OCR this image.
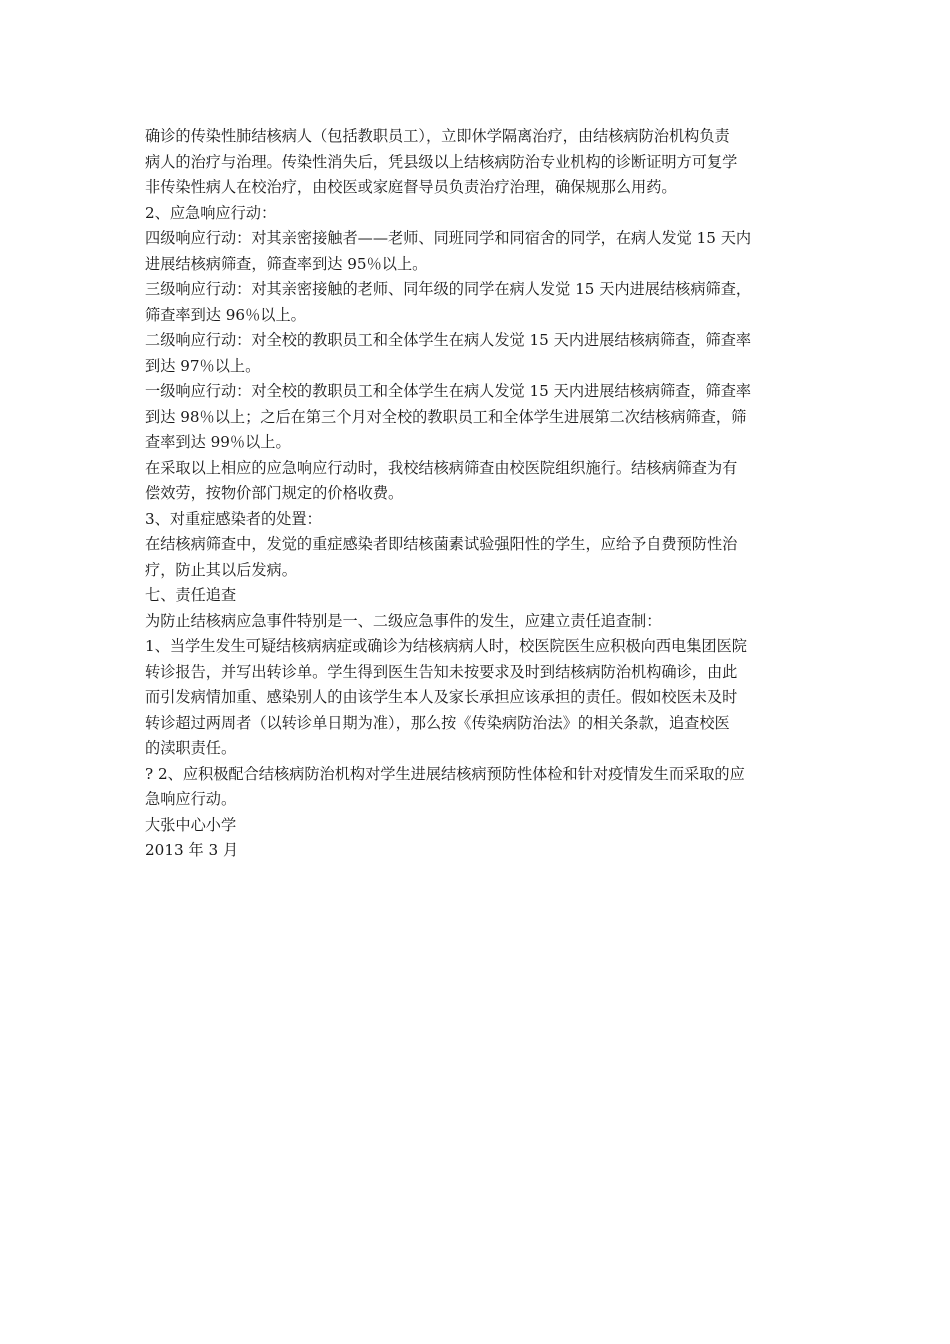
确诊的传染性肺结核病人（包括教职员工），立即休学隔离治疗，由结核病防治机构负责
病人的治疗与治理。传染性消失后，凭县级以上结核病防治专业机构的诊断证明方可复学
非传染性病人在校治疗，由校医或家庭督导员负责治疗治理，确保规那么用药。
2、应急响应行动：
四级响应行动：对其亲密接触者——老师、同班同学和同宿舍的同学，在病人发觉 15 天内
进展结核病筛查，筛查率到达 95％以上。
三级响应行动：对其亲密接触的老师、同年级的同学在病人发觉 15 天内进展结核病筛查，
筛查率到达 96％以上。
二级响应行动：对全校的教职员工和全体学生在病人发觉 15 天内进展结核病筛查，筛查率
到达 97％以上。
一级响应行动：对全校的教职员工和全体学生在病人发觉 15 天内进展结核病筛查，筛查率
到达 98％以上；之后在第三个月对全校的教职员工和全体学生进展第二次结核病筛查，筛
查率到达 99％以上。
在采取以上相应的应急响应行动时，我校结核病筛查由校医院组织施行。结核病筛查为有
偿效劳，按物价部门规定的价格收费。
3、对重症感染者的处置：
在结核病筛查中，发觉的重症感染者即结核菌素试验强阳性的学生，应给予自费预防性治
疗，防止其以后发病。
七、责任追查
为防止结核病应急事件特别是一、二级应急事件的发生，应建立责任追查制：
1、当学生发生可疑结核病病症或确诊为结核病病人时，校医院医生应积极向西电集团医院
转诊报告，并写出转诊单。学生得到医生告知未按要求及时到结核病防治机构确诊，由此
而引发病情加重、感染别人的由该学生本人及家长承担应该承担的责任。假如校医未及时
转诊超过两周者（以转诊单日期为准），那么按《传染病防治法》的相关条款，追查校医
的渎职责任。
? 2、应积极配合结核病防治机构对学生进展结核病预防性体检和针对疫情发生而采取的应
急响应行动。
大张中心小学
2013 年 3 月
